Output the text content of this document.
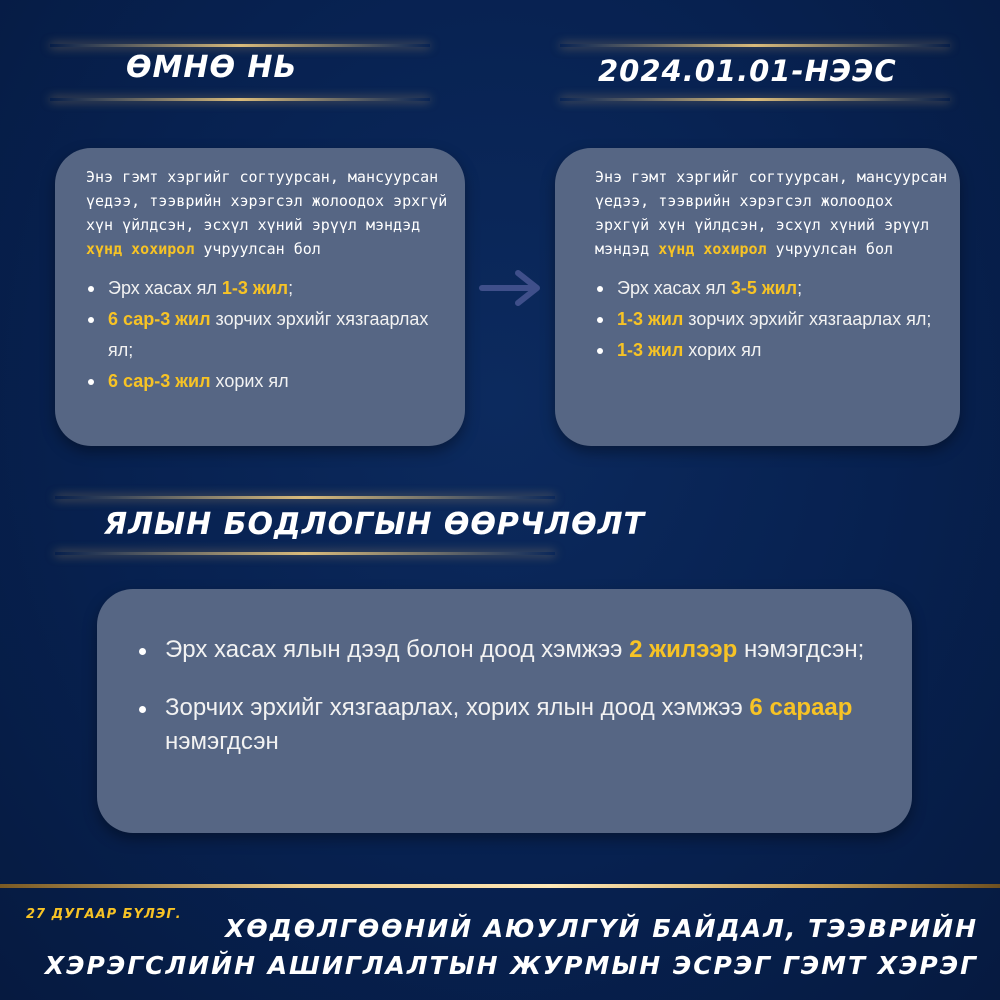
ӨМНӨ НЬ	2024.01.01-НЭЭС
ЯЛЫН БОДЛОГЫН ӨӨРЧЛӨЛТ

Энэ гэмт хэргийг согтуурсан, мансуурсан үедээ, тээврийн хэрэгсэл жолоодох эрхгүй хүн үйлдсэн, эсхүл хүний эрүүл мэндэд хүнд хохирол учруулсан бол

Эрх хасах ял 1-3 жил;
6 сар-3 жил зорчих эрхийг хязгаарлах ял;
6 сар-3 жил хорих ял

Энэ гэмт хэргийг согтуурсан, мансуурсан үедээ, тээврийн хэрэгсэл жолоодох эрхгүй хүн үйлдсэн, эсхүл хүний эрүүл мэндэд хүнд хохирол учруулсан бол

Эрх хасах ял 3-5 жил;
1-3 жил зорчих эрхийг хязгаарлах ял;
1-3 жил хорих ял
Эрх хасах ялын дээд болон доод хэмжээ 2 жилээр нэмэгдсэн;
Зорчих эрхийг хязгаарлах, хорих ялын доод хэмжээ 6 сараар нэмэгдсэн
27 ДУГААР БҮЛЭГ.	ХӨДӨЛГӨӨНИЙ АЮУЛГҮЙ БАЙДАЛ, ТЭЭВРИЙН
ХЭРЭГСЛИЙН АШИГЛАЛТЫН ЖУРМЫН ЭСРЭГ ГЭМТ ХЭРЭГ
